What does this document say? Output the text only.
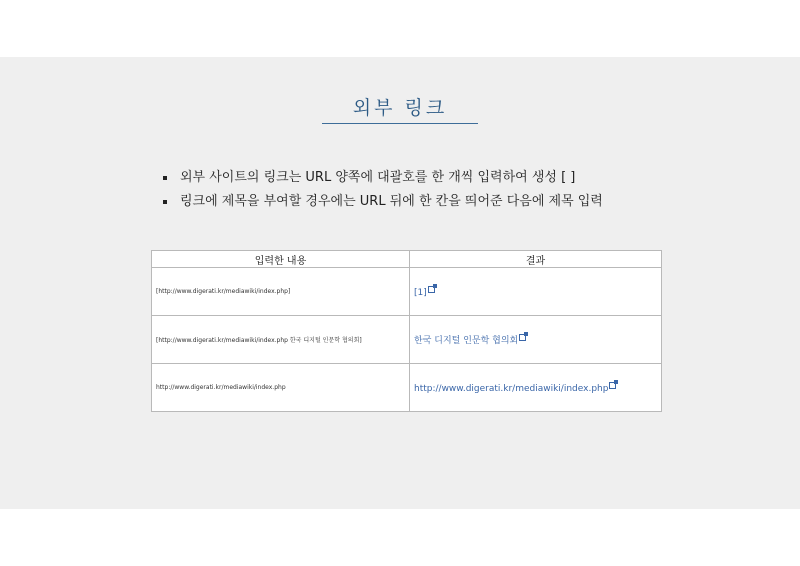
외부 링크
외부 사이트의 링크는 URL 양쪽에 대괄호를 한 개씩 입력하여 생성 [ ]
링크에 제목을 부여할 경우에는 URL 뒤에 한 칸을 띄어준 다음에 제목 입력
입력한 내용	결과
[http://www.digerati.kr/mediawiki/index.php]	[1]
[http://www.digerati.kr/mediawiki/index.php 한국 디지털 인문학 협의회]	한국 디지털 인문학 협의회
http://www.digerati.kr/mediawiki/index.php	http://www.digerati.kr/mediawiki/index.php
